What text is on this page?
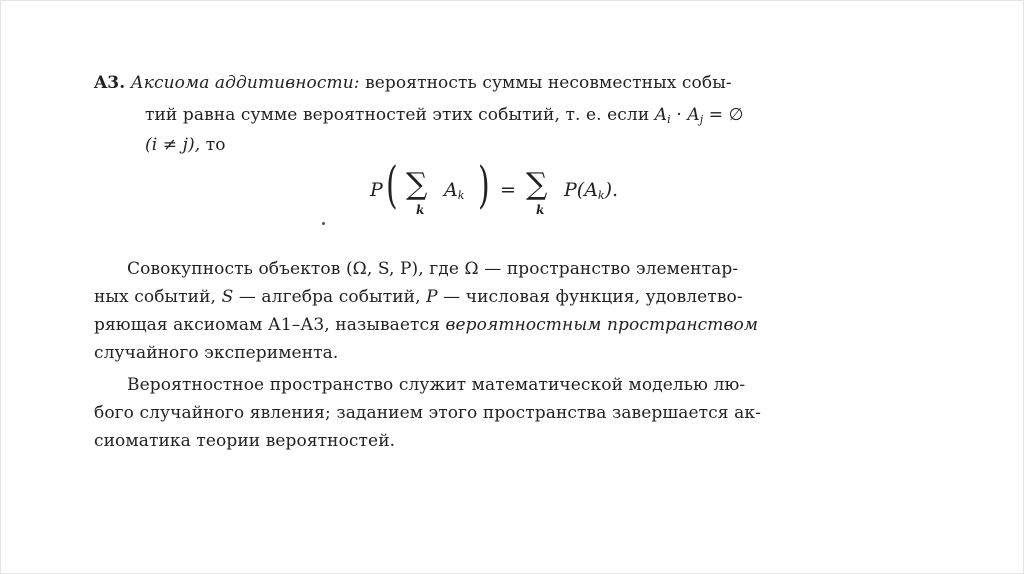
A3. Аксиома аддитивности: вероятность суммы несовместных собы-
тий равна сумме вероятностей этих событий, т. е. если $A_i \cdot A_j$ = ∅
(i ≠ j), то
P ( ∑
k
$A_k$ ) = ∑
k
$P(A_k)$.
Совокупность объектов (Ω, S, P), где Ω — пространство элементар-
ных событий, S — алгебра событий, P — числовая функция, удовлетво-
ряющая аксиомам А1–А3, называется вероятностным пространством
случайного эксперимента.
Вероятностное пространство служит математической моделью лю-
бого случайного явления; заданием этого пространства завершается ак-
сиоматика теории вероятностей.
